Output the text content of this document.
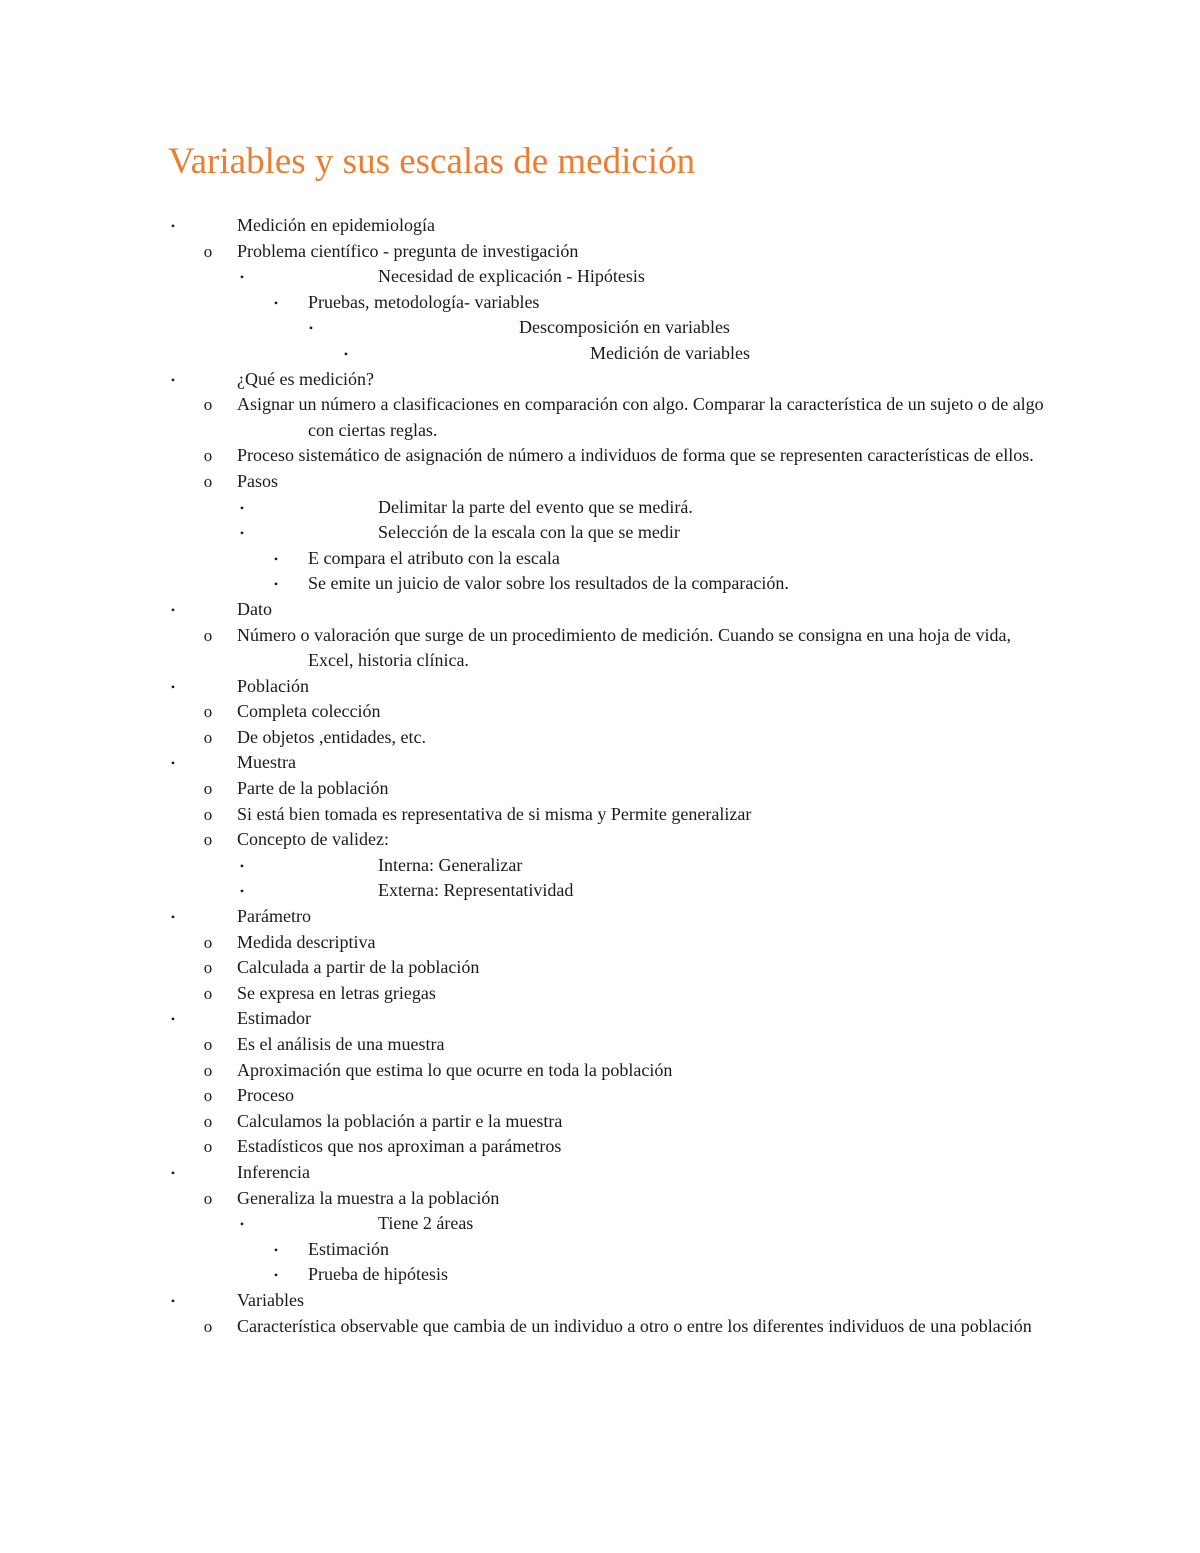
Variables y sus escalas de medición
•	Medición en epidemiología
o	Problema científico - pregunta de investigación
•	Necesidad de explicación - Hipótesis
•	Pruebas, metodología- variables
•	Descomposición en variables
•	Medición de variables
•	¿Qué es medición?
o	Asignar un número a clasificaciones en comparación con algo. Comparar la característica de un sujeto o de algo con ciertas reglas.
o	Proceso sistemático de asignación de número a individuos de forma que se representen características de ellos.
o	Pasos
•	Delimitar la parte del evento que se medirá.
•	Selección de la escala con la que se medir
•	E compara el atributo con la escala
•	Se emite un juicio de valor sobre los resultados de la comparación.
•	Dato
o	Número o valoración que surge de un procedimiento de medición. Cuando se consigna en una hoja de vida, Excel, historia clínica.
•	Población
o	Completa colección
o	De objetos ,entidades, etc.
•	Muestra
o	Parte de la población
o	Si está bien tomada es representativa de si misma y Permite generalizar
o	Concepto de validez:
•	Interna: Generalizar
•	Externa: Representatividad
•	Parámetro
o	Medida descriptiva
o	Calculada a partir de la población
o	Se expresa en letras griegas
•	Estimador
o	Es el análisis de una muestra
o	Aproximación que estima lo que ocurre en toda la población
o	Proceso
o	Calculamos la población a partir e la muestra
o	Estadísticos que nos aproximan a parámetros
•	Inferencia
o	Generaliza la muestra a la población
•	Tiene 2 áreas
•	Estimación
•	Prueba de hipótesis
•	Variables
o	Característica observable que cambia de un individuo a otro o entre los diferentes individuos de una población
